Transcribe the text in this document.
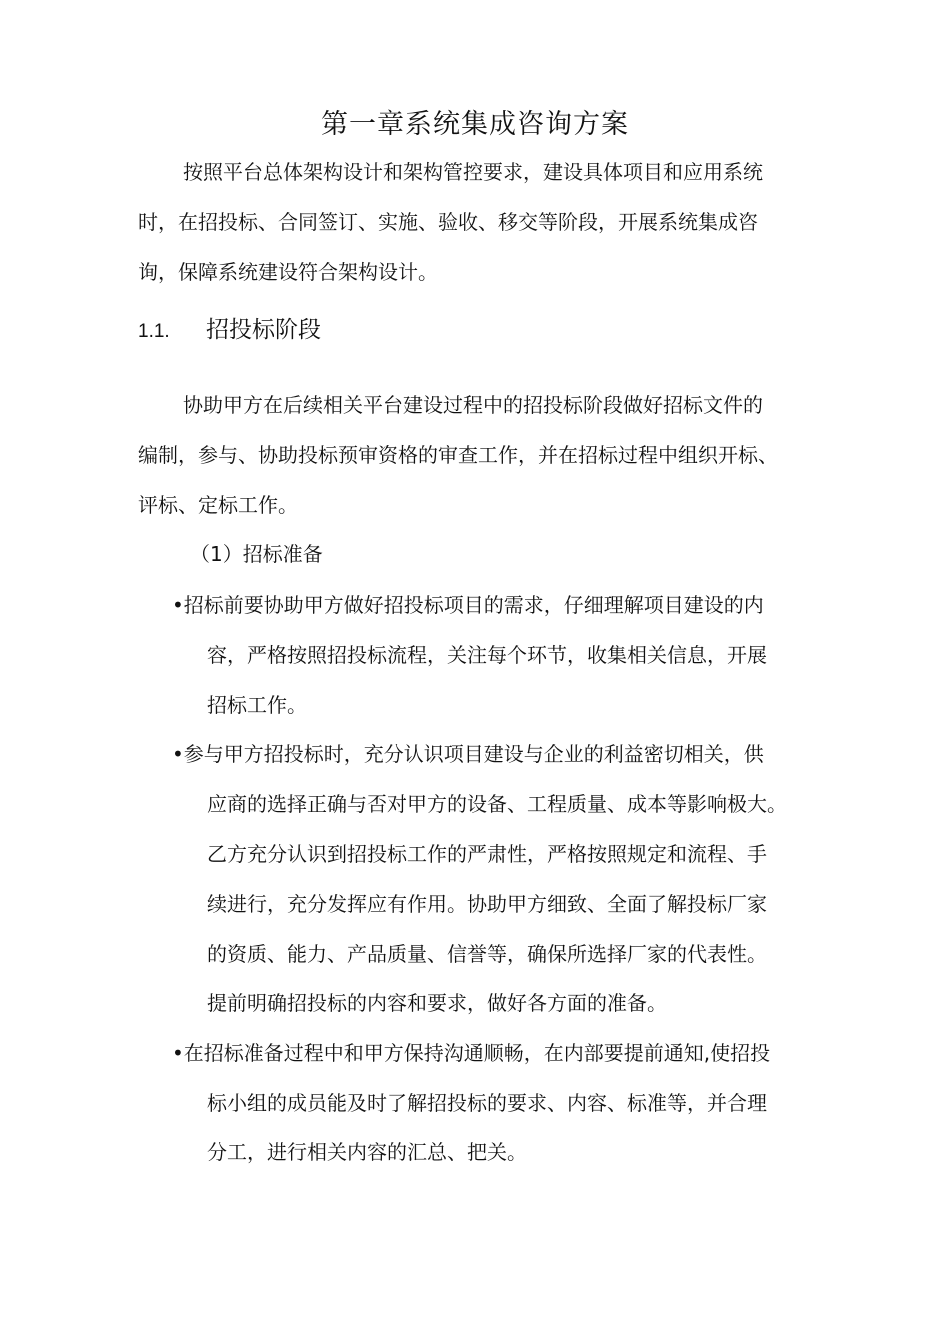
第一章系统集成咨询方案
按照平台总体架构设计和架构管控要求，建设具体项目和应用系统
时，在招投标、合同签订、实施、验收、移交等阶段，开展系统集成咨
询，保障系统建设符合架构设计。
1.1. 招投标阶段
协助甲方在后续相关平台建设过程中的招投标阶段做好招标文件的
编制，参与、协助投标预审资格的审查工作，并在招标过程中组织开标、
评标、定标工作。
（1）招标准备
•招标前要协助甲方做好招投标项目的需求，仔细理解项目建设的内
容，严格按照招投标流程，关注每个环节，收集相关信息，开展
招标工作。
•参与甲方招投标时，充分认识项目建设与企业的利益密切相关，供
应商的选择正确与否对甲方的设备、工程质量、成本等影响极大。
乙方充分认识到招投标工作的严肃性，严格按照规定和流程、手
续进行，充分发挥应有作用。协助甲方细致、全面了解投标厂家
的资质、能力、产品质量、信誉等，确保所选择厂家的代表性。
提前明确招投标的内容和要求，做好各方面的准备。
•在招标准备过程中和甲方保持沟通顺畅，在内部要提前通知,使招投
标小组的成员能及时了解招投标的要求、内容、标准等，并合理
分工，进行相关内容的汇总、把关。
